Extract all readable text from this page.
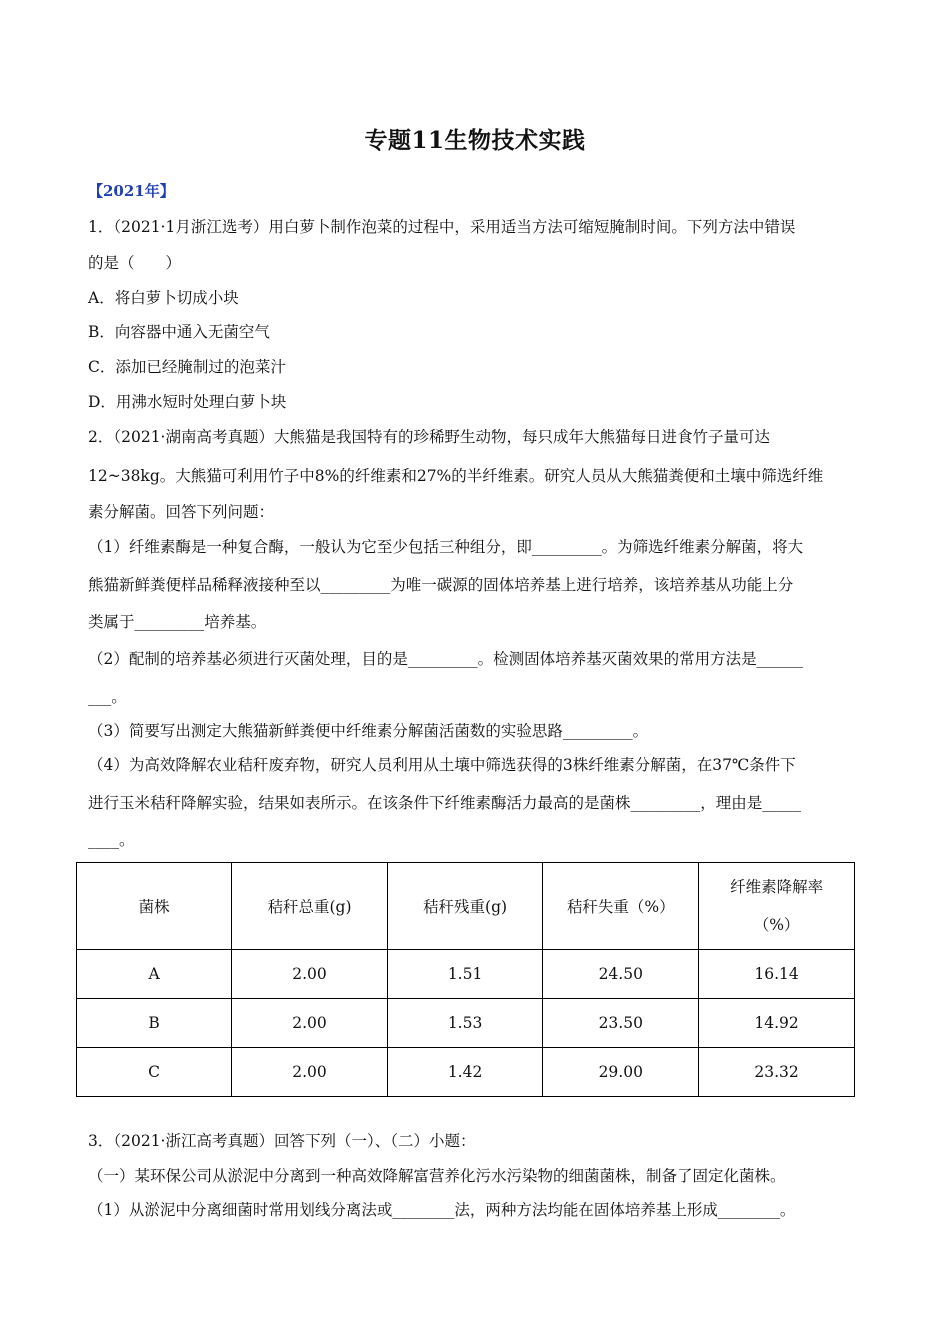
专题11生物技术实践
【2021年】
1．（2021·1月浙江选考）用白萝卜制作泡菜的过程中，采用适当方法可缩短腌制时间。下列方法中错误
的是（　　）
A．将白萝卜切成小块
B．向容器中通入无菌空气
C．添加已经腌制过的泡菜汁
D．用沸水短时处理白萝卜块
2．（2021·湖南高考真题）大熊猫是我国特有的珍稀野生动物，每只成年大熊猫每日进食竹子量可达
12~38kg。大熊猫可利用竹子中8%的纤维素和27%的半纤维素。研究人员从大熊猫粪便和土壤中筛选纤维
素分解菌。回答下列问题：
（1）纤维素酶是一种复合酶，一般认为它至少包括三种组分，即_________。为筛选纤维素分解菌，将大
熊猫新鲜粪便样品稀释液接种至以_________为唯一碳源的固体培养基上进行培养，该培养基从功能上分
类属于_________培养基。
（2）配制的培养基必须进行灭菌处理，目的是_________。检测固体培养基灭菌效果的常用方法是______
___。
（3）简要写出测定大熊猫新鲜粪便中纤维素分解菌活菌数的实验思路_________。
（4）为高效降解农业秸秆废弃物，研究人员利用从土壤中筛选获得的3株纤维素分解菌，在37℃条件下
进行玉米秸秆降解实验，结果如表所示。在该条件下纤维素酶活力最高的是菌株_________，理由是_____
____。
菌株	秸秆总重(g)	秸秆残重(g)	秸秆失重（%）	纤维素降解率
（%）

A	2.00	1.51	24.50	16.14
B	2.00	1.53	23.50	14.92
C	2.00	1.42	29.00	23.32
3．（2021·浙江高考真题）回答下列（一）、（二）小题：
（一）某环保公司从淤泥中分离到一种高效降解富营养化污水污染物的细菌菌株，制备了固定化菌株。
（1）从淤泥中分离细菌时常用划线分离法或________法，两种方法均能在固体培养基上形成________。
